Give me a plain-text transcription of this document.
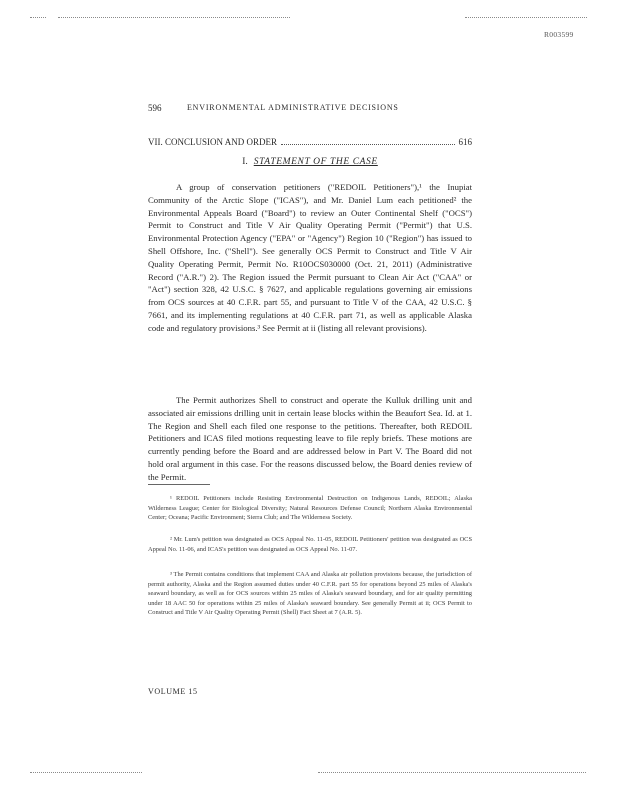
R003599
596	ENVIRONMENTAL ADMINISTRATIVE DECISIONS
VII. CONCLUSION AND ORDER	616
I. STATEMENT OF THE CASE

A group of conservation petitioners ("REDOIL Petitioners"),¹ the Inupiat Community of the Arctic Slope ("ICAS"), and Mr. Daniel Lum each petitioned² the Environmental Appeals Board ("Board") to review an Outer Continental Shelf ("OCS") Permit to Construct and Title V Air Quality Operating Permit ("Permit") that U.S. Environmental Protection Agency ("EPA" or "Agency") Region 10 ("Region") has issued to Shell Offshore, Inc. ("Shell"). See generally OCS Permit to Construct and Title V Air Quality Operating Permit, Permit No. R10OCS030000 (Oct. 21, 2011) (Administrative Record ("A.R.") 2). The Region issued the Permit pursuant to Clean Air Act ("CAA" or "Act") section 328, 42 U.S.C. § 7627, and applicable regulations governing air emissions from OCS sources at 40 C.F.R. part 55, and pursuant to Title V of the CAA, 42 U.S.C. § 7661, and its implementing regulations at 40 C.F.R. part 71, as well as applicable Alaska code and regulatory provisions.³ See Permit at ii (listing all relevant provisions).

The Permit authorizes Shell to construct and operate the Kulluk drilling unit and associated air emissions drilling unit in certain lease blocks within the Beaufort Sea. Id. at 1. The Region and Shell each filed one response to the petitions. Thereafter, both REDOIL Petitioners and ICAS filed motions requesting leave to file reply briefs. These motions are currently pending before the Board and are addressed below in Part V. The Board did not hold oral argument in this case. For the reasons discussed below, the Board denies review of the Permit.

¹ REDOIL Petitioners include Resisting Environmental Destruction on Indigenous Lands, REDOIL; Alaska Wilderness League; Center for Biological Diversity; Natural Resources Defense Council; Northern Alaska Environmental Center; Oceana; Pacific Environment; Sierra Club; and The Wilderness Society.

² Mr. Lum's petition was designated as OCS Appeal No. 11-05, REDOIL Petitioners' petition was designated as OCS Appeal No. 11-06, and ICAS's petition was designated as OCS Appeal No. 11-07.

³ The Permit contains conditions that implement CAA and Alaska air pollution provisions because, the jurisdiction of permit authority, Alaska and the Region assumed duties under 40 C.F.R. part 55 for operations beyond 25 miles of Alaska's seaward boundary, as well as for OCS sources within 25 miles of Alaska's seaward boundary, and for air quality permitting under 18 AAC 50 for operations within 25 miles of Alaska's seaward boundary. See generally Permit at ii; OCS Permit to Construct and Title V Air Quality Operating Permit (Shell) Fact Sheet at 7 (A.R. 5).

VOLUME 15
